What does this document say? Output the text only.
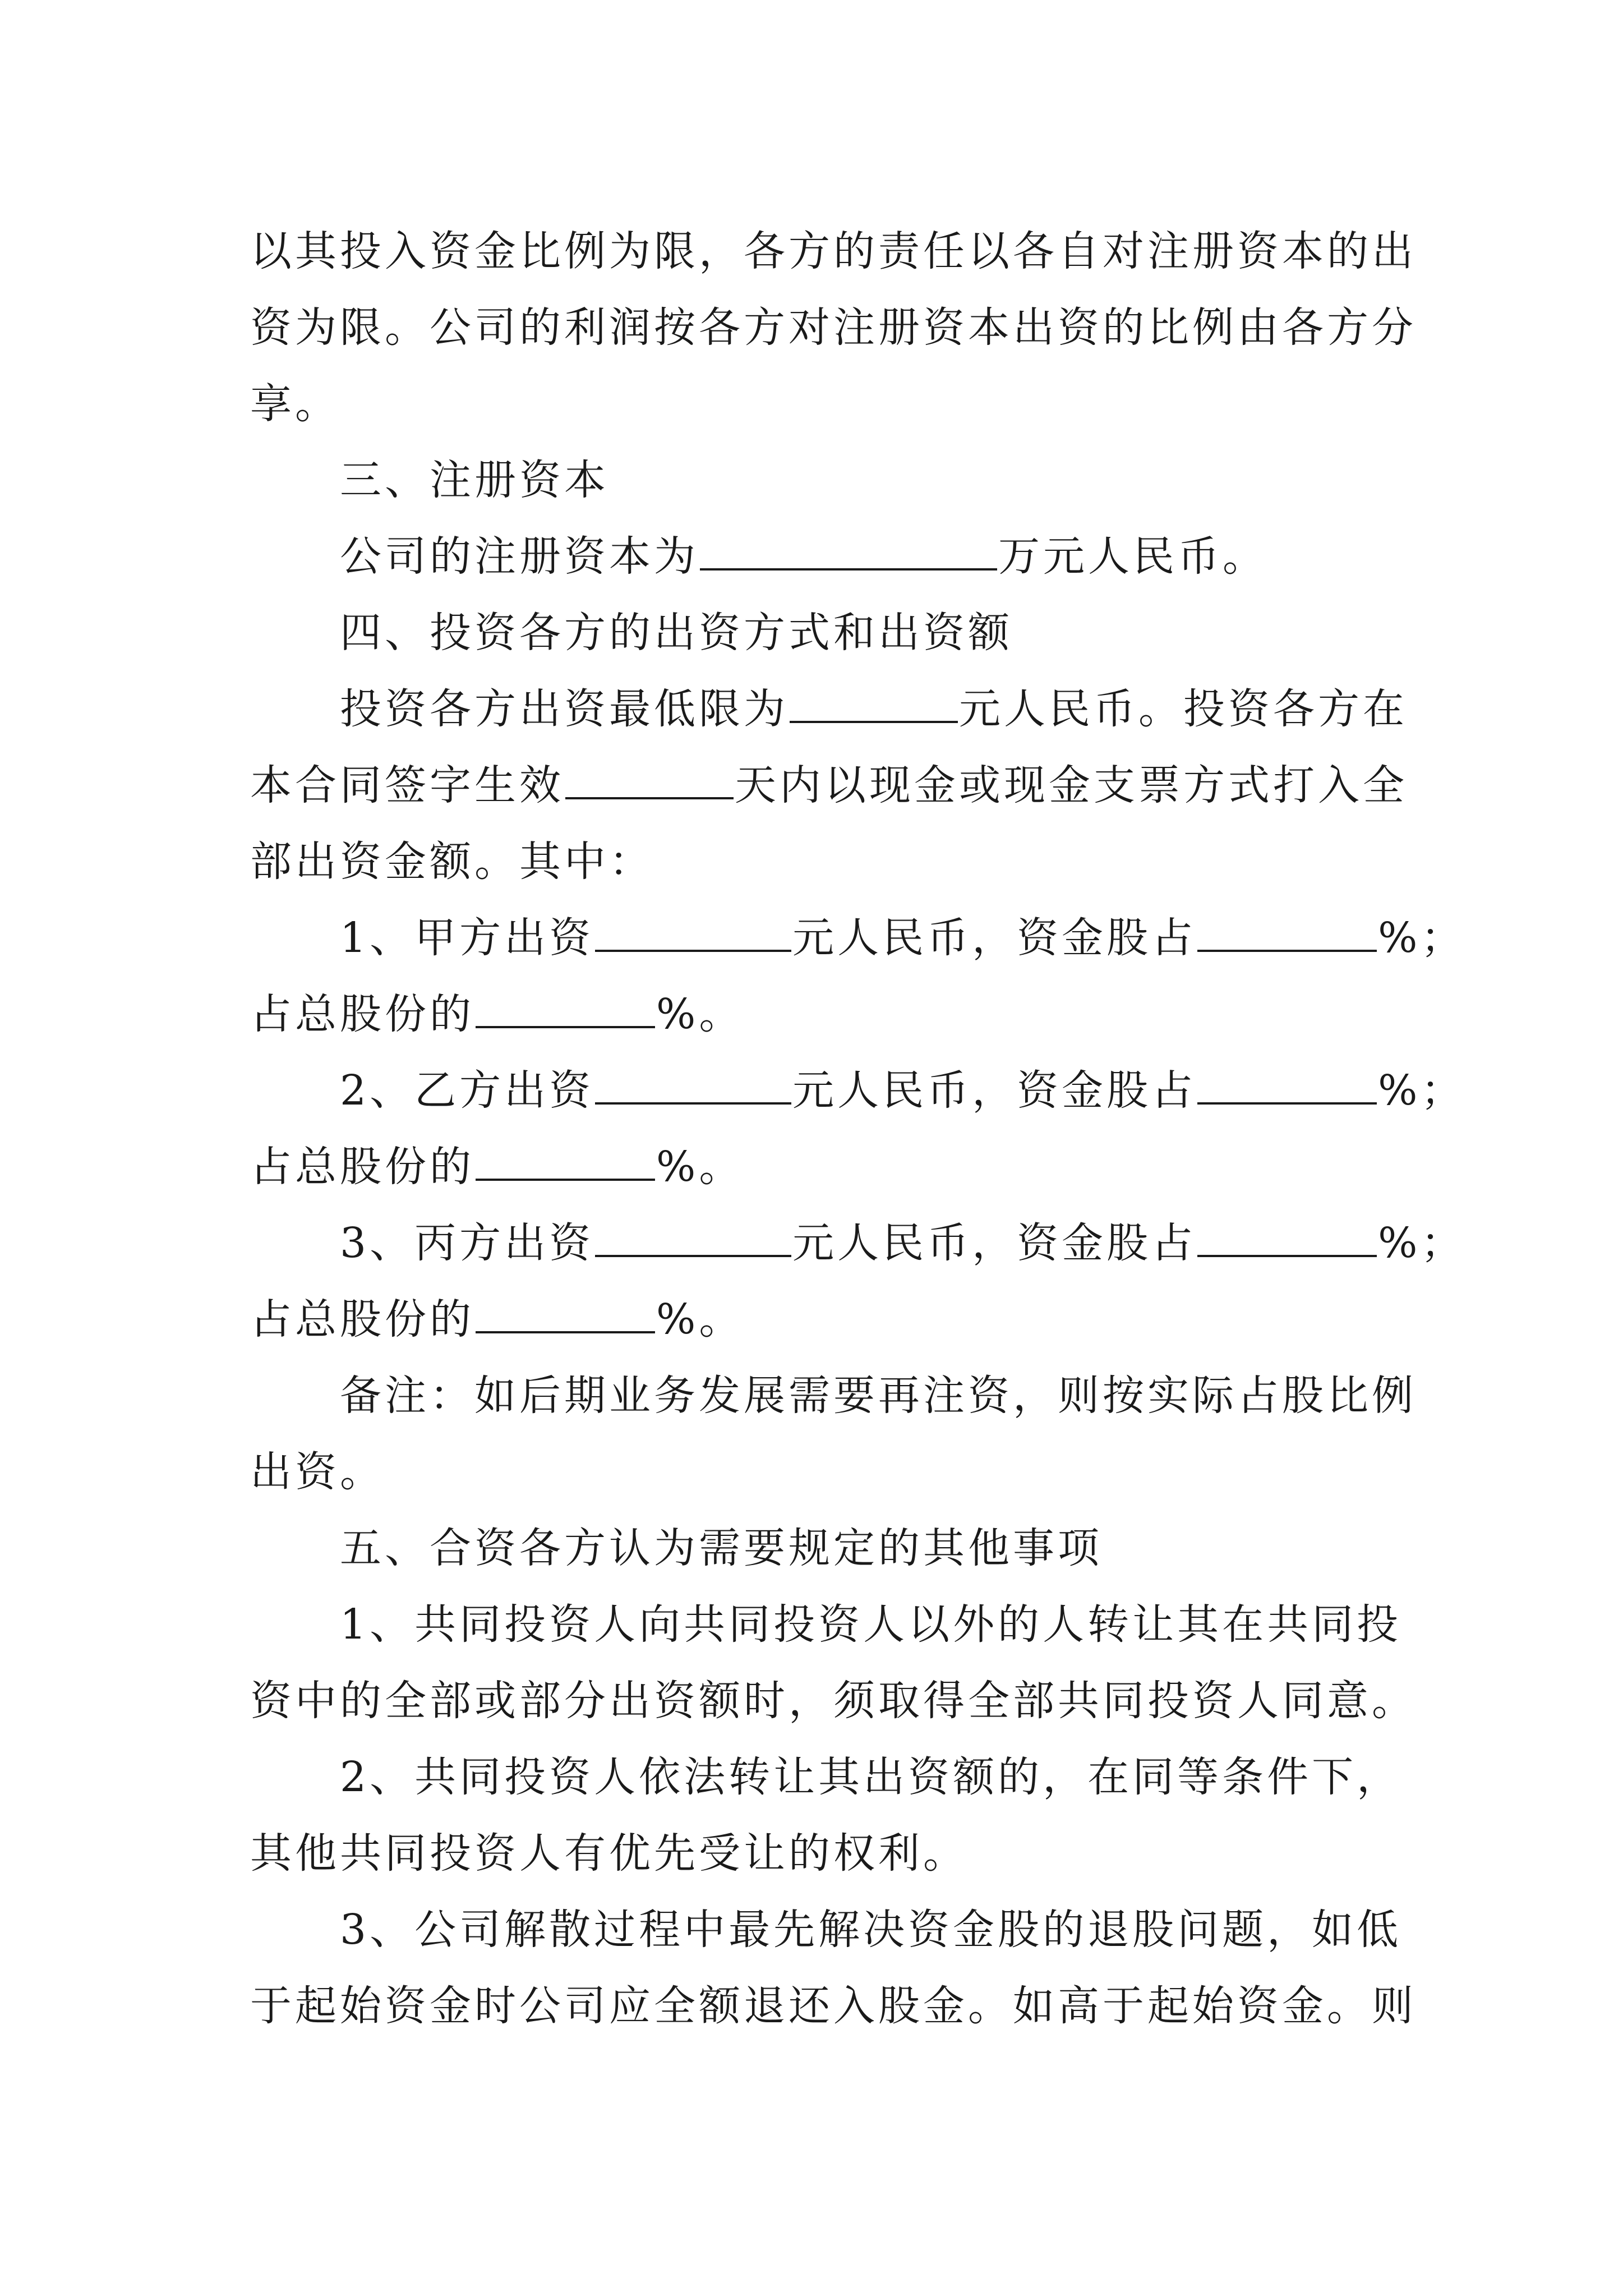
以其投入资金比例为限，各方的责任以各自对注册资本的出
资为限。公司的利润按各方对注册资本出资的比例由各方分
享。
三、注册资本
公司的注册资本为	万元人民币。
四、投资各方的出资方式和出资额
投资各方出资最低限为	元人民币。投资各方在
本合同签字生效	天内以现金或现金支票方式打入全
部出资金额。其中：
1、甲方出资	元人民币，资金股占	%；
占总股份的	%。
2、乙方出资	元人民币，资金股占	%；
占总股份的	%。
3、丙方出资	元人民币，资金股占	%；
占总股份的	%。
备注：如后期业务发展需要再注资，则按实际占股比例
出资。
五、合资各方认为需要规定的其他事项
1、共同投资人向共同投资人以外的人转让其在共同投
资中的全部或部分出资额时，须取得全部共同投资人同意。
2、共同投资人依法转让其出资额的，在同等条件下，
其他共同投资人有优先受让的权利。
3、公司解散过程中最先解决资金股的退股问题，如低
于起始资金时公司应全额退还入股金。如高于起始资金。则
